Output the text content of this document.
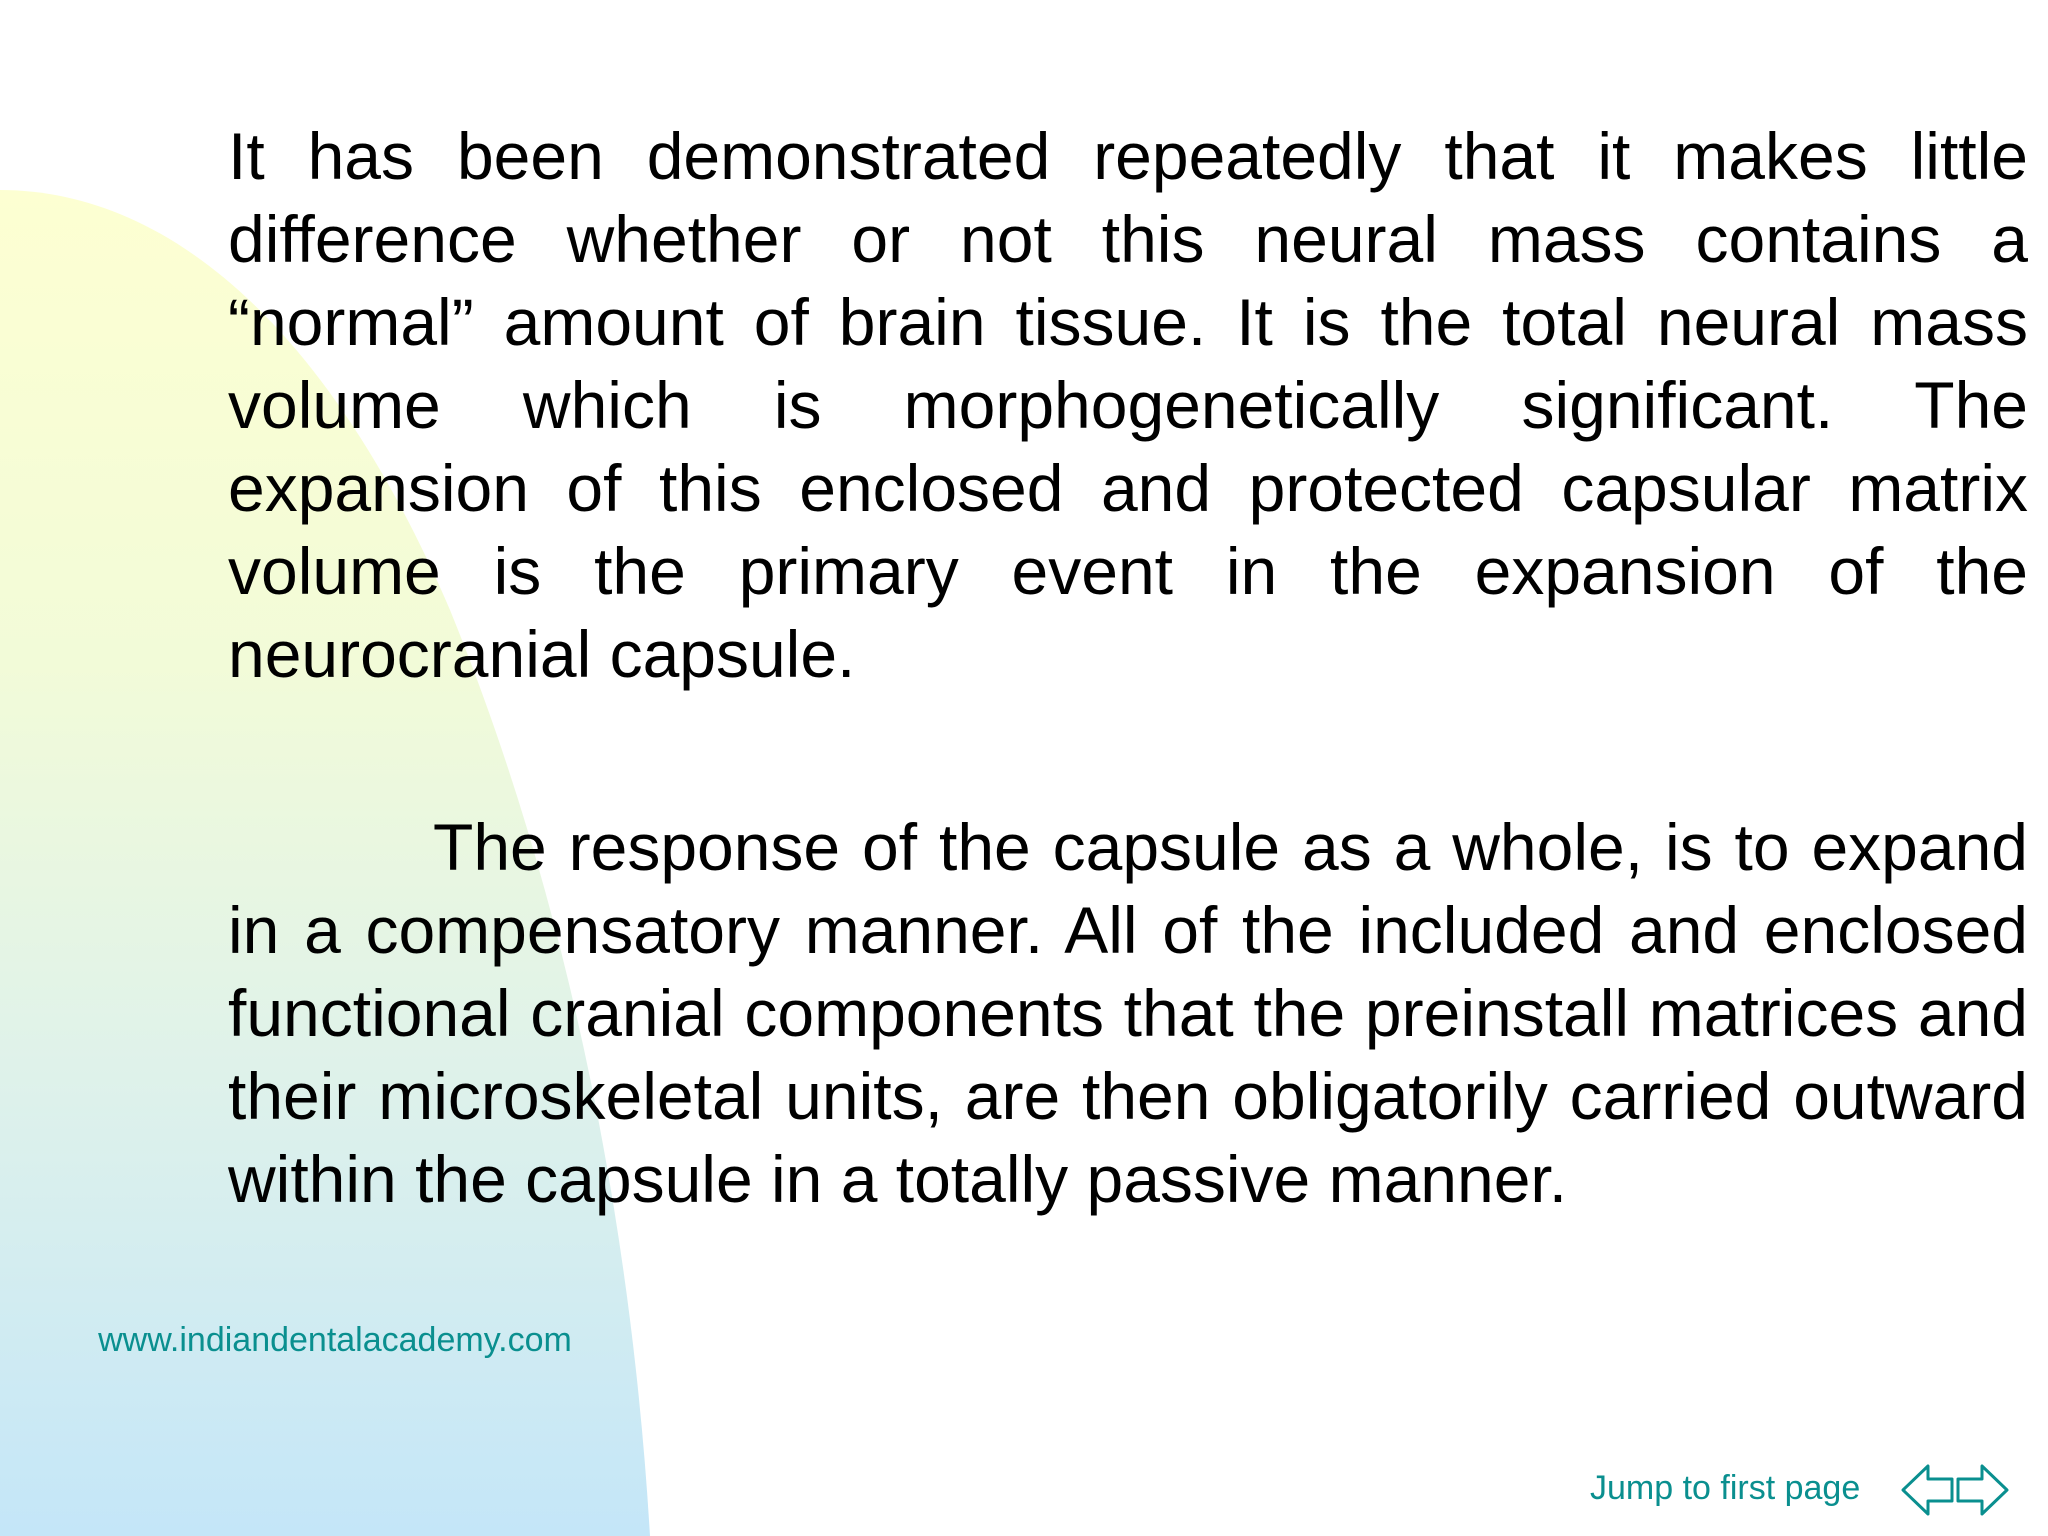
It has been demonstrated repeatedly that it makes little difference whether or not this neural mass contains a “normal” amount of brain tissue. It is the total neural mass volume which is morphogenetically significant. The expansion of this enclosed and protected capsular matrix volume is the primary event in the expansion of the neurocranial capsule.

The response of the capsule as a whole, is to expand in a compensatory manner. All of the included and enclosed functional cranial components that the preinstall matrices and their microskeletal units, are then obligatorily carried outward within the capsule in a totally passive manner.

www.indiandentalacademy.com
Jump to first page
